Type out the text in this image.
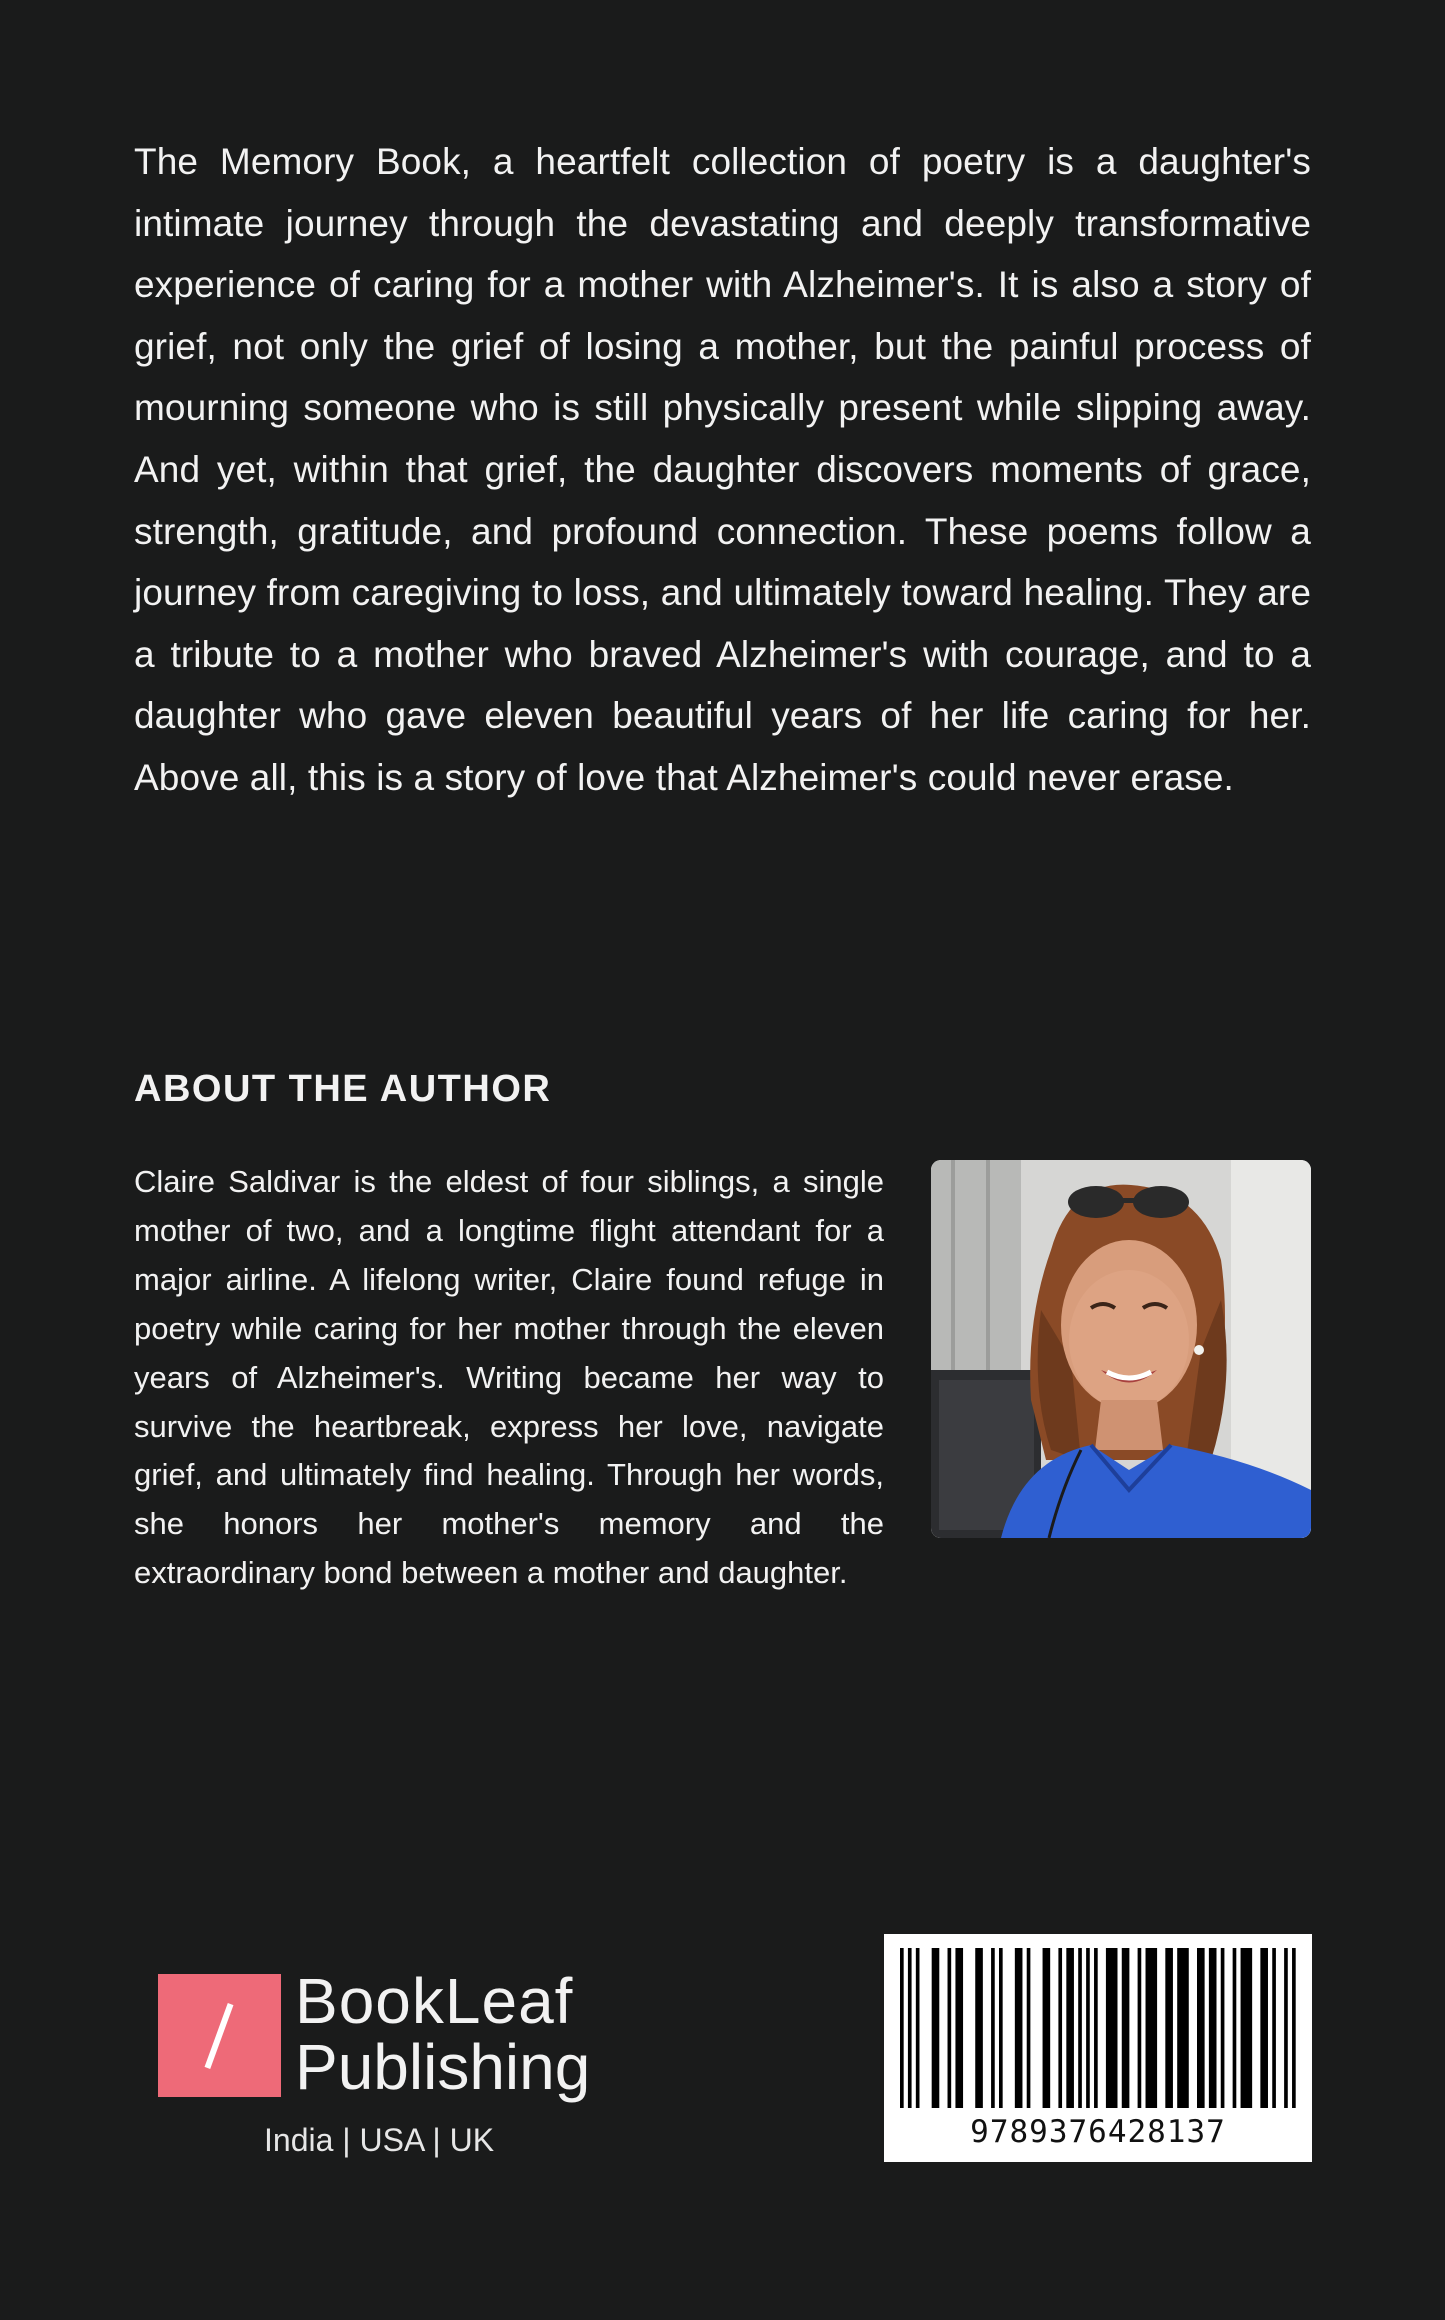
The Memory Book, a heartfelt collection of poetry is a daughter's intimate journey through the devastating and deeply transformative experience of caring for a mother with Alzheimer's. It is also a story of grief, not only the grief of losing a mother, but the painful process of mourning someone who is still physically present while slipping away. And yet, within that grief, the daughter discovers moments of grace, strength, gratitude, and profound connection. These poems follow a journey from caregiving to loss, and ultimately toward healing. They are a tribute to a mother who braved Alzheimer's with courage, and to a daughter who gave eleven beautiful years of her life caring for her. Above all, this is a story of love that Alzheimer's could never erase.

ABOUT THE AUTHOR

Claire Saldivar is the eldest of four siblings, a single mother of two, and a longtime flight attendant for a major airline. A lifelong writer, Claire found refuge in poetry while caring for her mother through the eleven years of Alzheimer's. Writing became her way to survive the heartbreak, express her love, navigate grief, and ultimately find healing. Through her words, she honors her mother's memory and the extraordinary bond between a mother and daughter.

BookLeaf
Publishing
India | USA | UK	9789376428137
